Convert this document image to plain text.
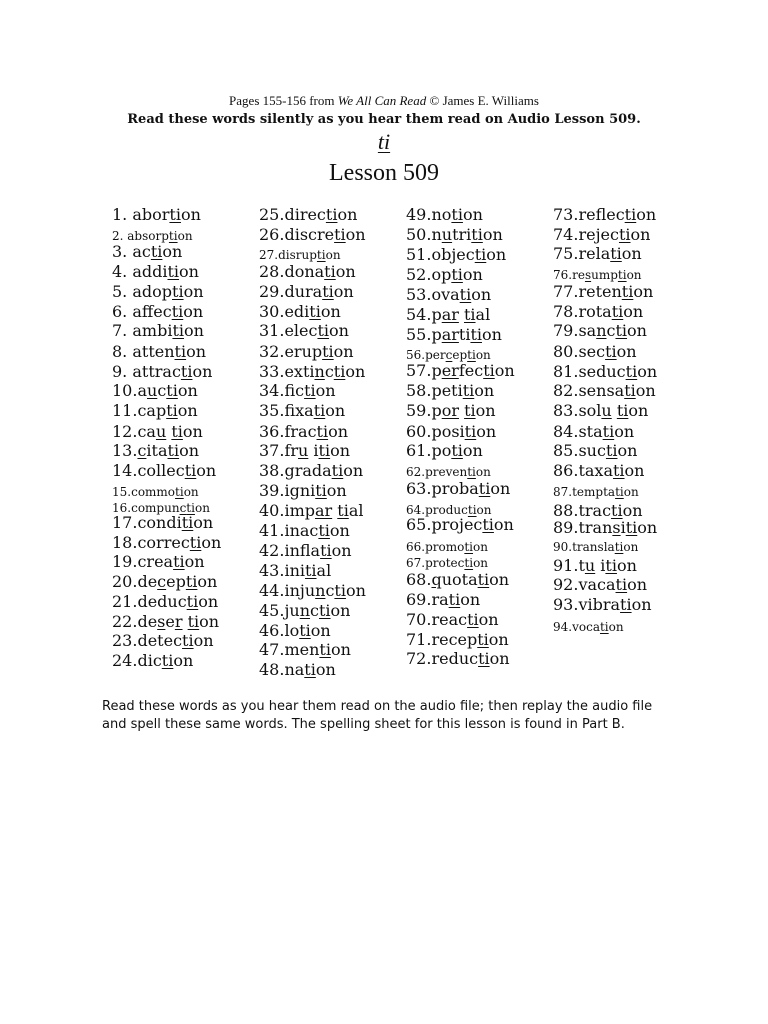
Pages 155-156 from We All Can Read © James E. Williams
Read these words silently as you hear them read on Audio Lesson 509.
ti
Lesson 509
1. abortion
2. absorption
3. action
4. addition
5. adoption
6. affection
7. ambition
8. attention
9. attraction
10.auction
11.caption
12.cau tion
13.citation
14.collection
15.commotion
16.compunction
17.condition
18.correction
19.creation
20.deception
21.deduction
22.deser tion
23.detection
24.diction
25.direction
26.discretion
27.disruption
28.donation
29.duration
30.edition
31.election
32.eruption
33.extinction
34.fiction
35.fixation
36.fraction
37.fru ition
38.gradation
39.ignition
40.impar tial
41.inaction
42.inflation
43.initial
44.injunction
45.junction
46.lotion
47.mention
48.nation
49.notion
50.nutrition
51.objection
52.option
53.ovation
54.par tial
55.partition
56.perception
57.perfection
58.petition
59.por tion
60.position
61.potion
62.prevention
63.probation
64.production
65.projection
66.promotion
67.protection
68.quotation
69.ration
70.reaction
71.reception
72.reduction
73.reflection
74.rejection
75.relation
76.resumption
77.retention
78.rotation
79.sanction
80.section
81.seduction
82.sensation
83.solu tion
84.station
85.suction
86.taxation
87.temptation
88.traction
89.transition
90.translation
91.tu ition
92.vacation
93.vibration
94.vocation

Read these words as you hear them read on the audio file; then replay the audio file

and spell these same words. The spelling sheet for this lesson is found in Part B.
